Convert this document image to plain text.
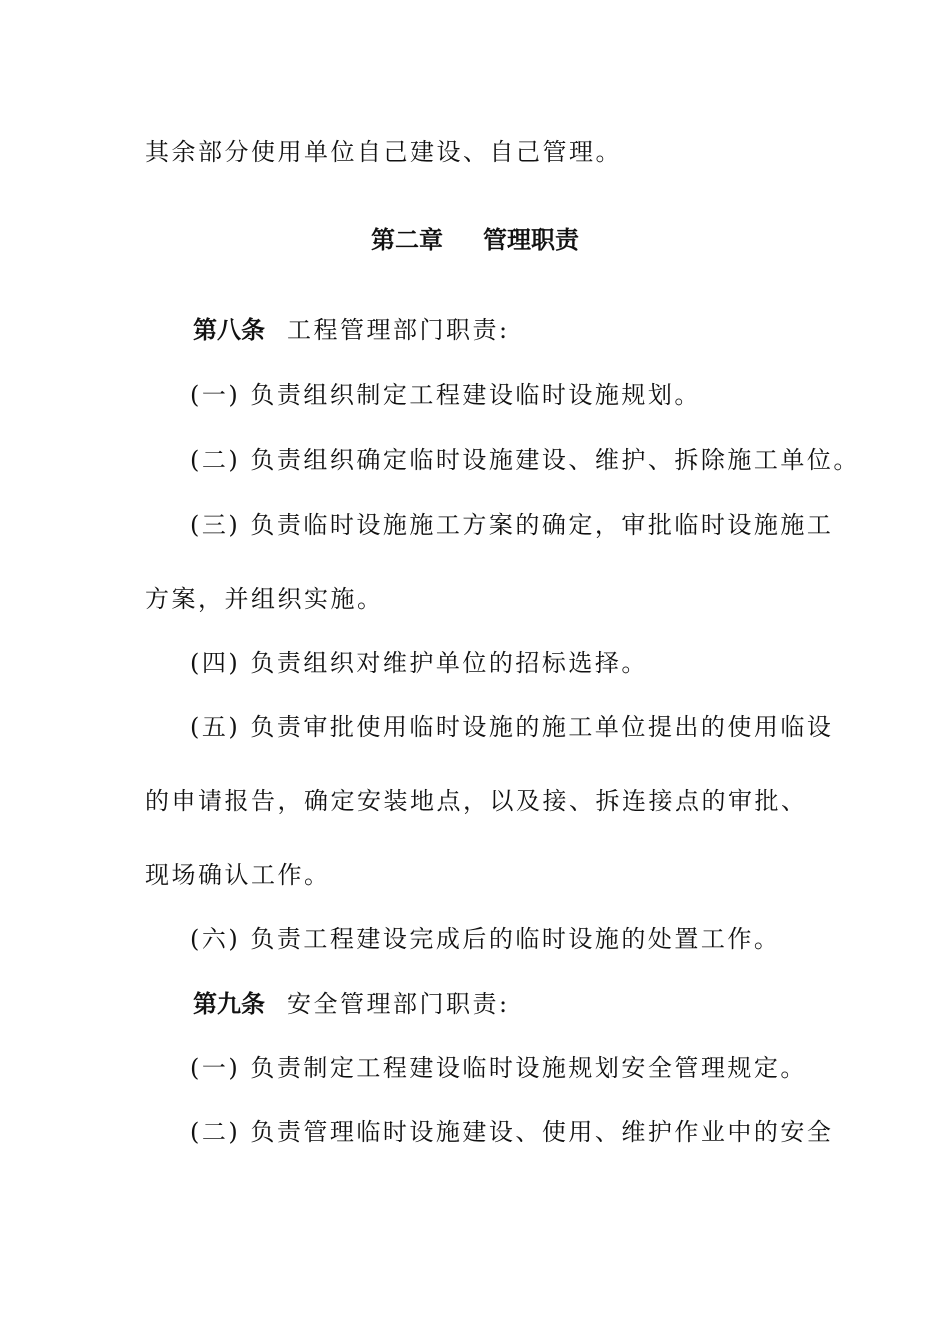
其余部分使用单位自己建设、自己管理。
第二章 管理职责
第八条 工程管理部门职责:
(一) 负责组织制定工程建设临时设施规划。
(二) 负责组织确定临时设施建设、维护、拆除施工单位。
(三) 负责临时设施施工方案的确定，审批临时设施施工
方案，并组织实施。
(四) 负责组织对维护单位的招标选择。
(五) 负责审批使用临时设施的施工单位提出的使用临设
的申请报告，确定安装地点，以及接、拆连接点的审批、
现场确认工作。
(六) 负责工程建设完成后的临时设施的处置工作。
第九条 安全管理部门职责:
(一) 负责制定工程建设临时设施规划安全管理规定。
(二) 负责管理临时设施建设、使用、维护作业中的安全
